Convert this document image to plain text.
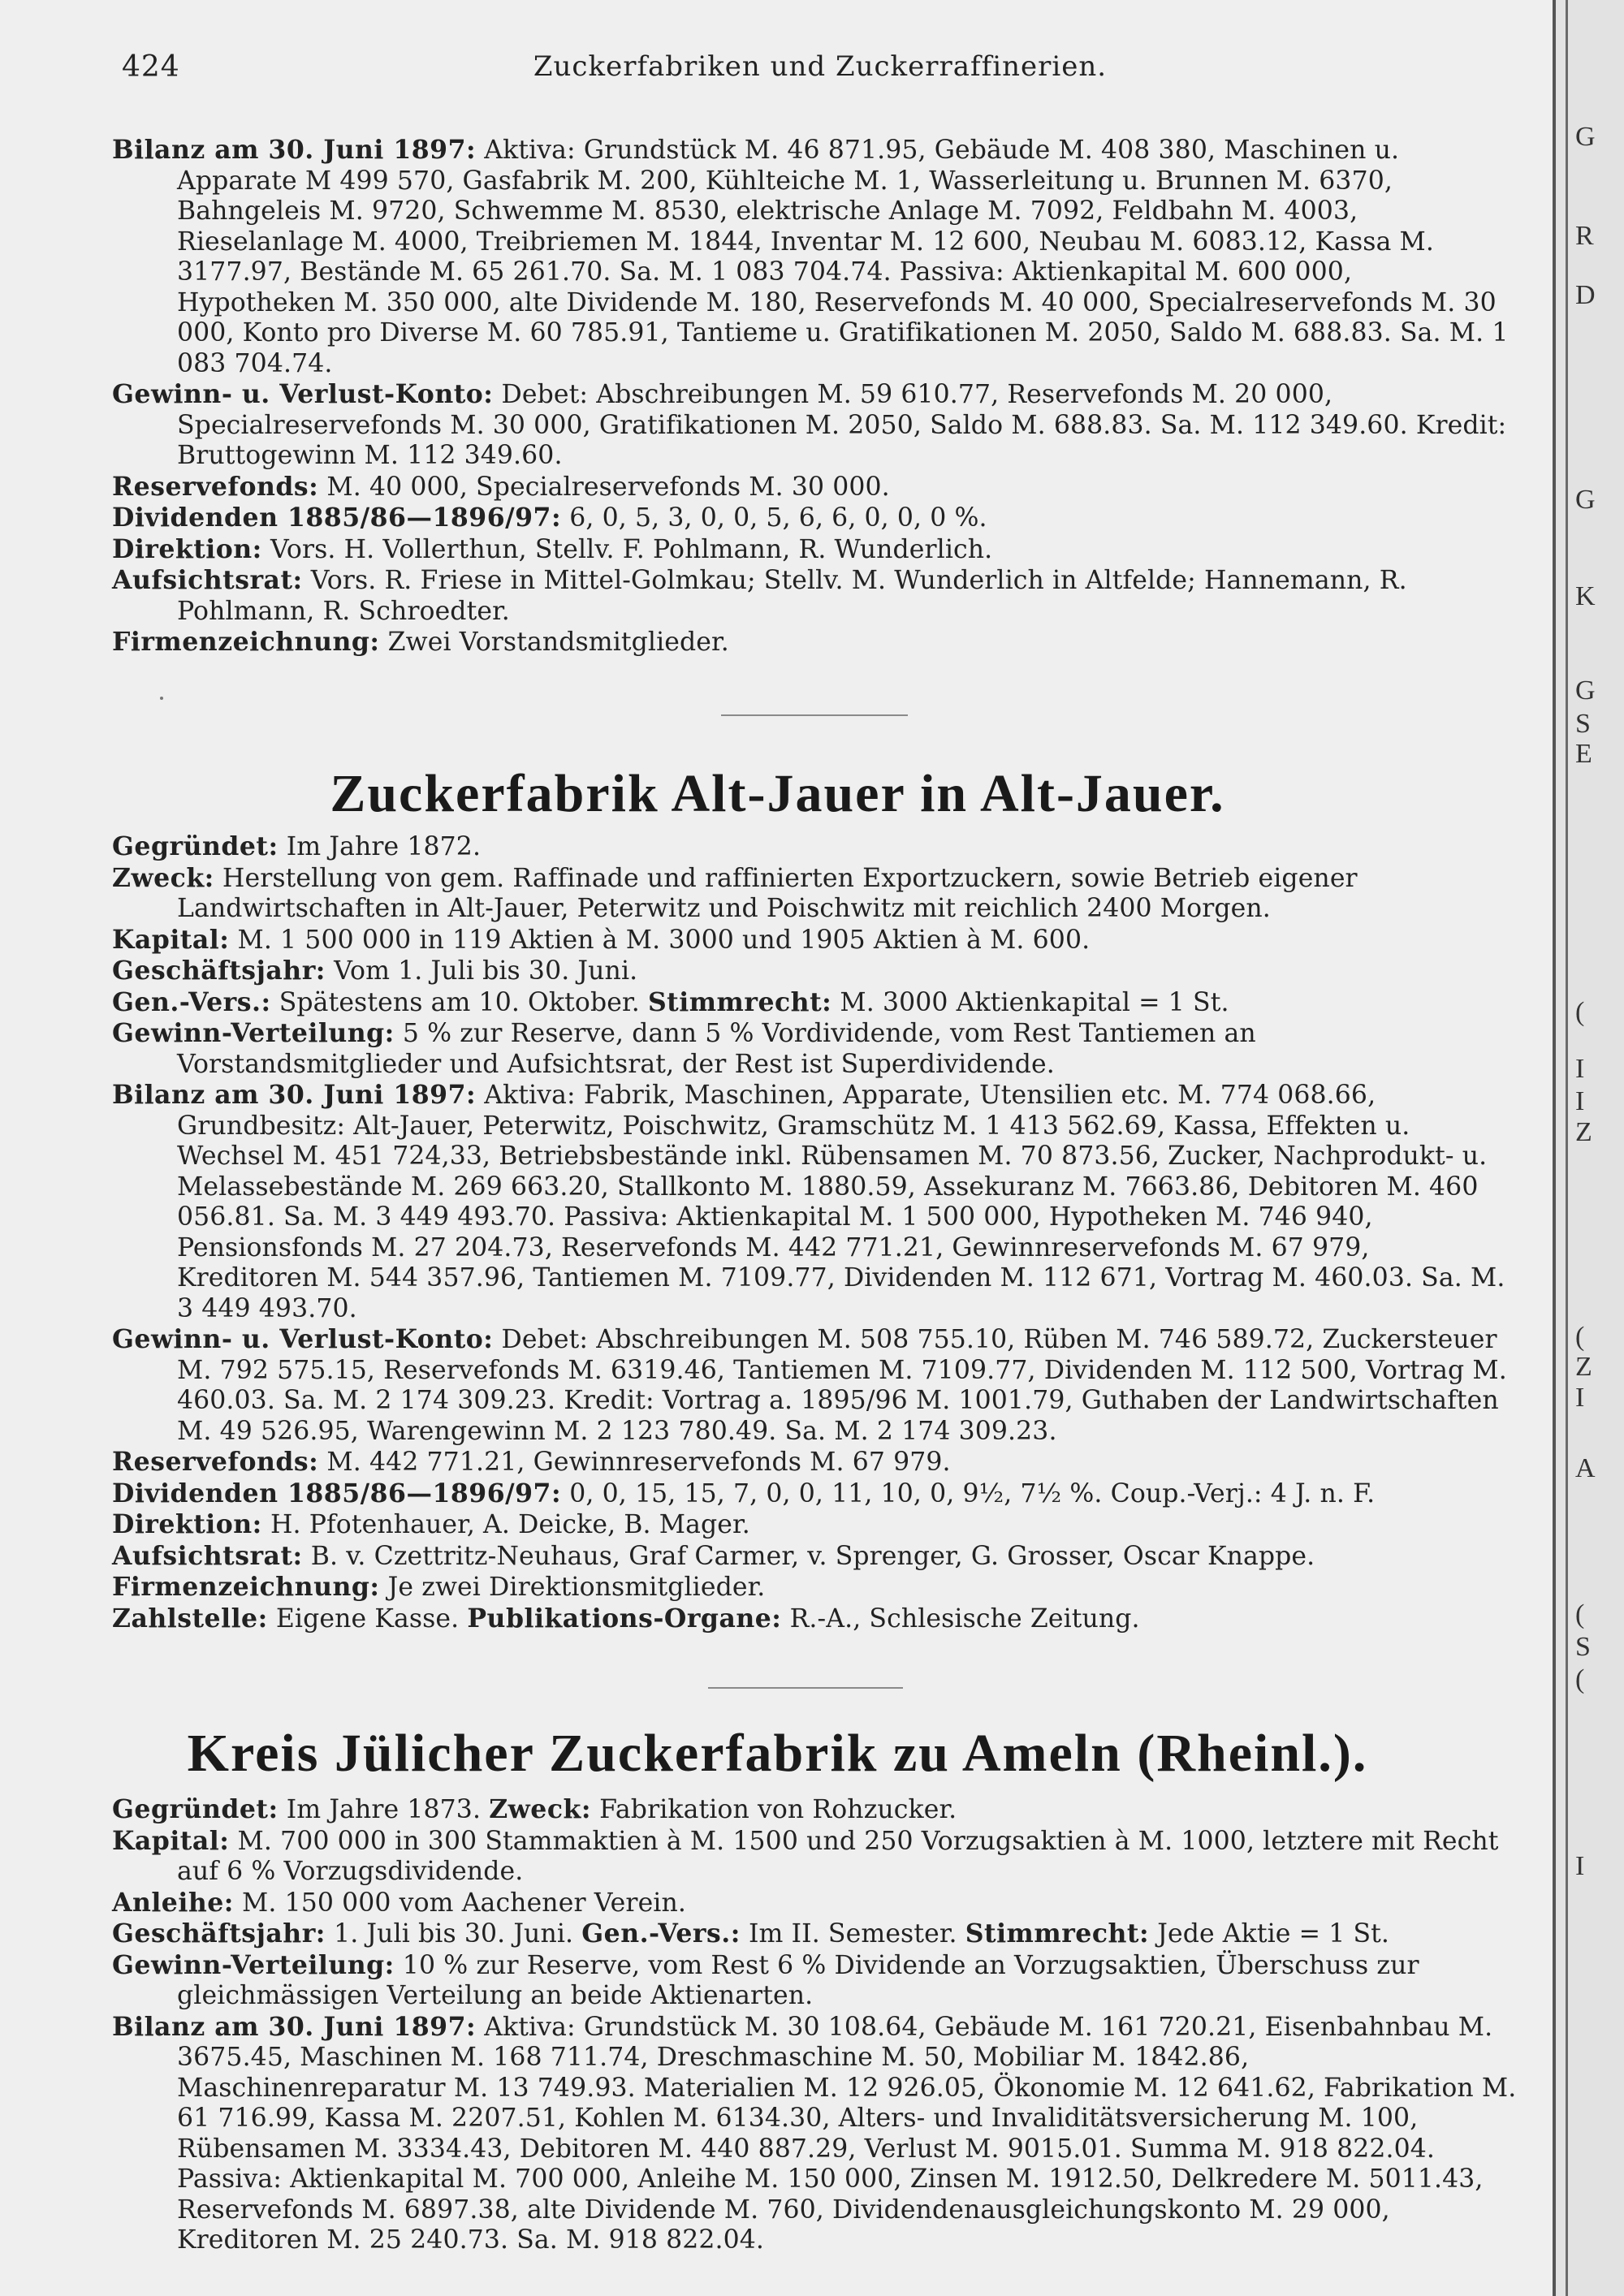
G
R
D
G
K
G
S
E
(
I
I
Z
(
Z
I
A
(
S
(
I
424	Zuckerfabriken und Zuckerraffinerien.

Bilanz am 30. Juni 1897: Aktiva: Grundstück M. 46 871.95, Gebäude M. 408 380, Maschinen u. Apparate M 499 570, Gasfabrik M. 200, Kühlteiche M. 1, Wasserleitung u. Brunnen M. 6370, Bahngeleis M. 9720, Schwemme M. 8530, elektrische Anlage M. 7092, Feldbahn M. 4003, Rieselanlage M. 4000, Treibriemen M. 1844, Inventar M. 12 600, Neubau M. 6083.12, Kassa M. 3177.97, Bestände M. 65 261.70. Sa. M. 1 083 704.74. Passiva: Aktienkapital M. 600 000, Hypotheken M. 350 000, alte Dividende M. 180, Reservefonds M. 40 000, Specialreservefonds M. 30 000, Konto pro Diverse M. 60 785.91, Tantieme u. Gratifikationen M. 2050, Saldo M. 688.83. Sa. M. 1 083 704.74.

Gewinn- u. Verlust-Konto: Debet: Abschreibungen M. 59 610.77, Reservefonds M. 20 000, Specialreservefonds M. 30 000, Gratifikationen M. 2050, Saldo M. 688.83. Sa. M. 112 349.60. Kredit: Bruttogewinn M. 112 349.60.

Reservefonds: M. 40 000, Specialreservefonds M. 30 000.

Dividenden 1885/86—1896/97: 6, 0, 5, 3, 0, 0, 5, 6, 6, 0, 0, 0 %.

Direktion: Vors. H. Vollerthun, Stellv. F. Pohlmann, R. Wunderlich.

Aufsichtsrat: Vors. R. Friese in Mittel-Golmkau; Stellv. M. Wunderlich in Altfelde; Hannemann, R. Pohlmann, R. Schroedter.

Firmenzeichnung: Zwei Vorstandsmitglieder.

Zuckerfabrik Alt-Jauer in Alt-Jauer.

Gegründet: Im Jahre 1872.

Zweck: Herstellung von gem. Raffinade und raffinierten Exportzuckern, sowie Betrieb eigener Landwirtschaften in Alt-Jauer, Peterwitz und Poischwitz mit reichlich 2400 Morgen.

Kapital: M. 1 500 000 in 119 Aktien à M. 3000 und 1905 Aktien à M. 600.

Geschäftsjahr: Vom 1. Juli bis 30. Juni.

Gen.-Vers.: Spätestens am 10. Oktober. Stimmrecht: M. 3000 Aktienkapital = 1 St.

Gewinn-Verteilung: 5 % zur Reserve, dann 5 % Vordividende, vom Rest Tantiemen an Vorstandsmitglieder und Aufsichtsrat, der Rest ist Superdividende.

Bilanz am 30. Juni 1897: Aktiva: Fabrik, Maschinen, Apparate, Utensilien etc. M. 774 068.66, Grundbesitz: Alt-Jauer, Peterwitz, Poischwitz, Gramschütz M. 1 413 562.69, Kassa, Effekten u. Wechsel M. 451 724,33, Betriebsbestände inkl. Rübensamen M. 70 873.56, Zucker, Nachprodukt- u. Melassebestände M. 269 663.20, Stallkonto M. 1880.59, Assekuranz M. 7663.86, Debitoren M. 460 056.81. Sa. M. 3 449 493.70. Passiva: Aktienkapital M. 1 500 000, Hypotheken M. 746 940, Pensionsfonds M. 27 204.73, Reservefonds M. 442 771.21, Gewinnreservefonds M. 67 979, Kreditoren M. 544 357.96, Tantiemen M. 7109.77, Dividenden M. 112 671, Vortrag M. 460.03. Sa. M. 3 449 493.70.

Gewinn- u. Verlust-Konto: Debet: Abschreibungen M. 508 755.10, Rüben M. 746 589.72, Zuckersteuer M. 792 575.15, Reservefonds M. 6319.46, Tantiemen M. 7109.77, Dividenden M. 112 500, Vortrag M. 460.03. Sa. M. 2 174 309.23. Kredit: Vortrag a. 1895/96 M. 1001.79, Guthaben der Landwirtschaften M. 49 526.95, Warengewinn M. 2 123 780.49. Sa. M. 2 174 309.23.

Reservefonds: M. 442 771.21, Gewinnreservefonds M. 67 979.

Dividenden 1885/86—1896/97: 0, 0, 15, 15, 7, 0, 0, 11, 10, 0, 9½, 7½ %. Coup.-Verj.: 4 J. n. F.

Direktion: H. Pfotenhauer, A. Deicke, B. Mager.

Aufsichtsrat: B. v. Czettritz-Neuhaus, Graf Carmer, v. Sprenger, G. Grosser, Oscar Knappe.

Firmenzeichnung: Je zwei Direktionsmitglieder.

Zahlstelle: Eigene Kasse. Publikations-Organe: R.-A., Schlesische Zeitung.

Kreis Jülicher Zuckerfabrik zu Ameln (Rheinl.).

Gegründet: Im Jahre 1873. Zweck: Fabrikation von Rohzucker.

Kapital: M. 700 000 in 300 Stammaktien à M. 1500 und 250 Vorzugsaktien à M. 1000, letztere mit Recht auf 6 % Vorzugsdividende.

Anleihe: M. 150 000 vom Aachener Verein.

Geschäftsjahr: 1. Juli bis 30. Juni. Gen.-Vers.: Im II. Semester. Stimmrecht: Jede Aktie = 1 St.

Gewinn-Verteilung: 10 % zur Reserve, vom Rest 6 % Dividende an Vorzugsaktien, Überschuss zur gleichmässigen Verteilung an beide Aktienarten.

Bilanz am 30. Juni 1897: Aktiva: Grundstück M. 30 108.64, Gebäude M. 161 720.21, Eisenbahnbau M. 3675.45, Maschinen M. 168 711.74, Dreschmaschine M. 50, Mobiliar M. 1842.86, Maschinenreparatur M. 13 749.93. Materialien M. 12 926.05, Ökonomie M. 12 641.62, Fabrikation M. 61 716.99, Kassa M. 2207.51, Kohlen M. 6134.30, Alters- und Invaliditätsversicherung M. 100, Rübensamen M. 3334.43, Debitoren M. 440 887.29, Verlust M. 9015.01. Summa M. 918 822.04. Passiva: Aktienkapital M. 700 000, Anleihe M. 150 000, Zinsen M. 1912.50, Delkredere M. 5011.43, Reservefonds M. 6897.38, alte Dividende M. 760, Dividendenausgleichungskonto M. 29 000, Kreditoren M. 25 240.73. Sa. M. 918 822.04.
